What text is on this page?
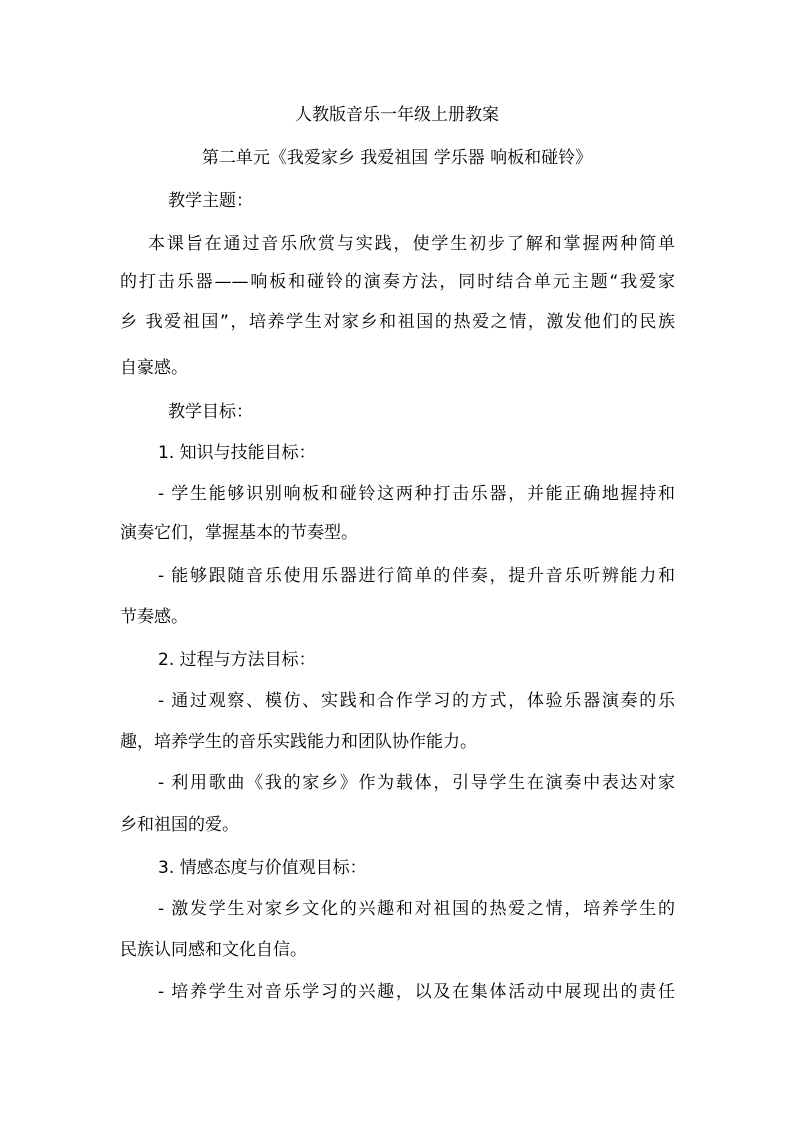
人教版音乐一年级上册教案
第二单元《我爱家乡 我爱祖国 学乐器 响板和碰铃》
教学主题：
本课旨在通过音乐欣赏与实践，使学生初步了解和掌握两种简单
的打击乐器——响板和碰铃的演奏方法，同时结合单元主题“我爱家
乡 我爱祖国”，培养学生对家乡和祖国的热爱之情，激发他们的民族
自豪感。
教学目标：
1. 知识与技能目标：
- 学生能够识别响板和碰铃这两种打击乐器，并能正确地握持和
演奏它们，掌握基本的节奏型。
- 能够跟随音乐使用乐器进行简单的伴奏，提升音乐听辨能力和
节奏感。
2. 过程与方法目标：
- 通过观察、模仿、实践和合作学习的方式，体验乐器演奏的乐
趣，培养学生的音乐实践能力和团队协作能力。
- 利用歌曲《我的家乡》作为载体，引导学生在演奏中表达对家
乡和祖国的爱。
3. 情感态度与价值观目标：
- 激发学生对家乡文化的兴趣和对祖国的热爱之情，培养学生的
民族认同感和文化自信。
- 培养学生对音乐学习的兴趣，以及在集体活动中展现出的责任
